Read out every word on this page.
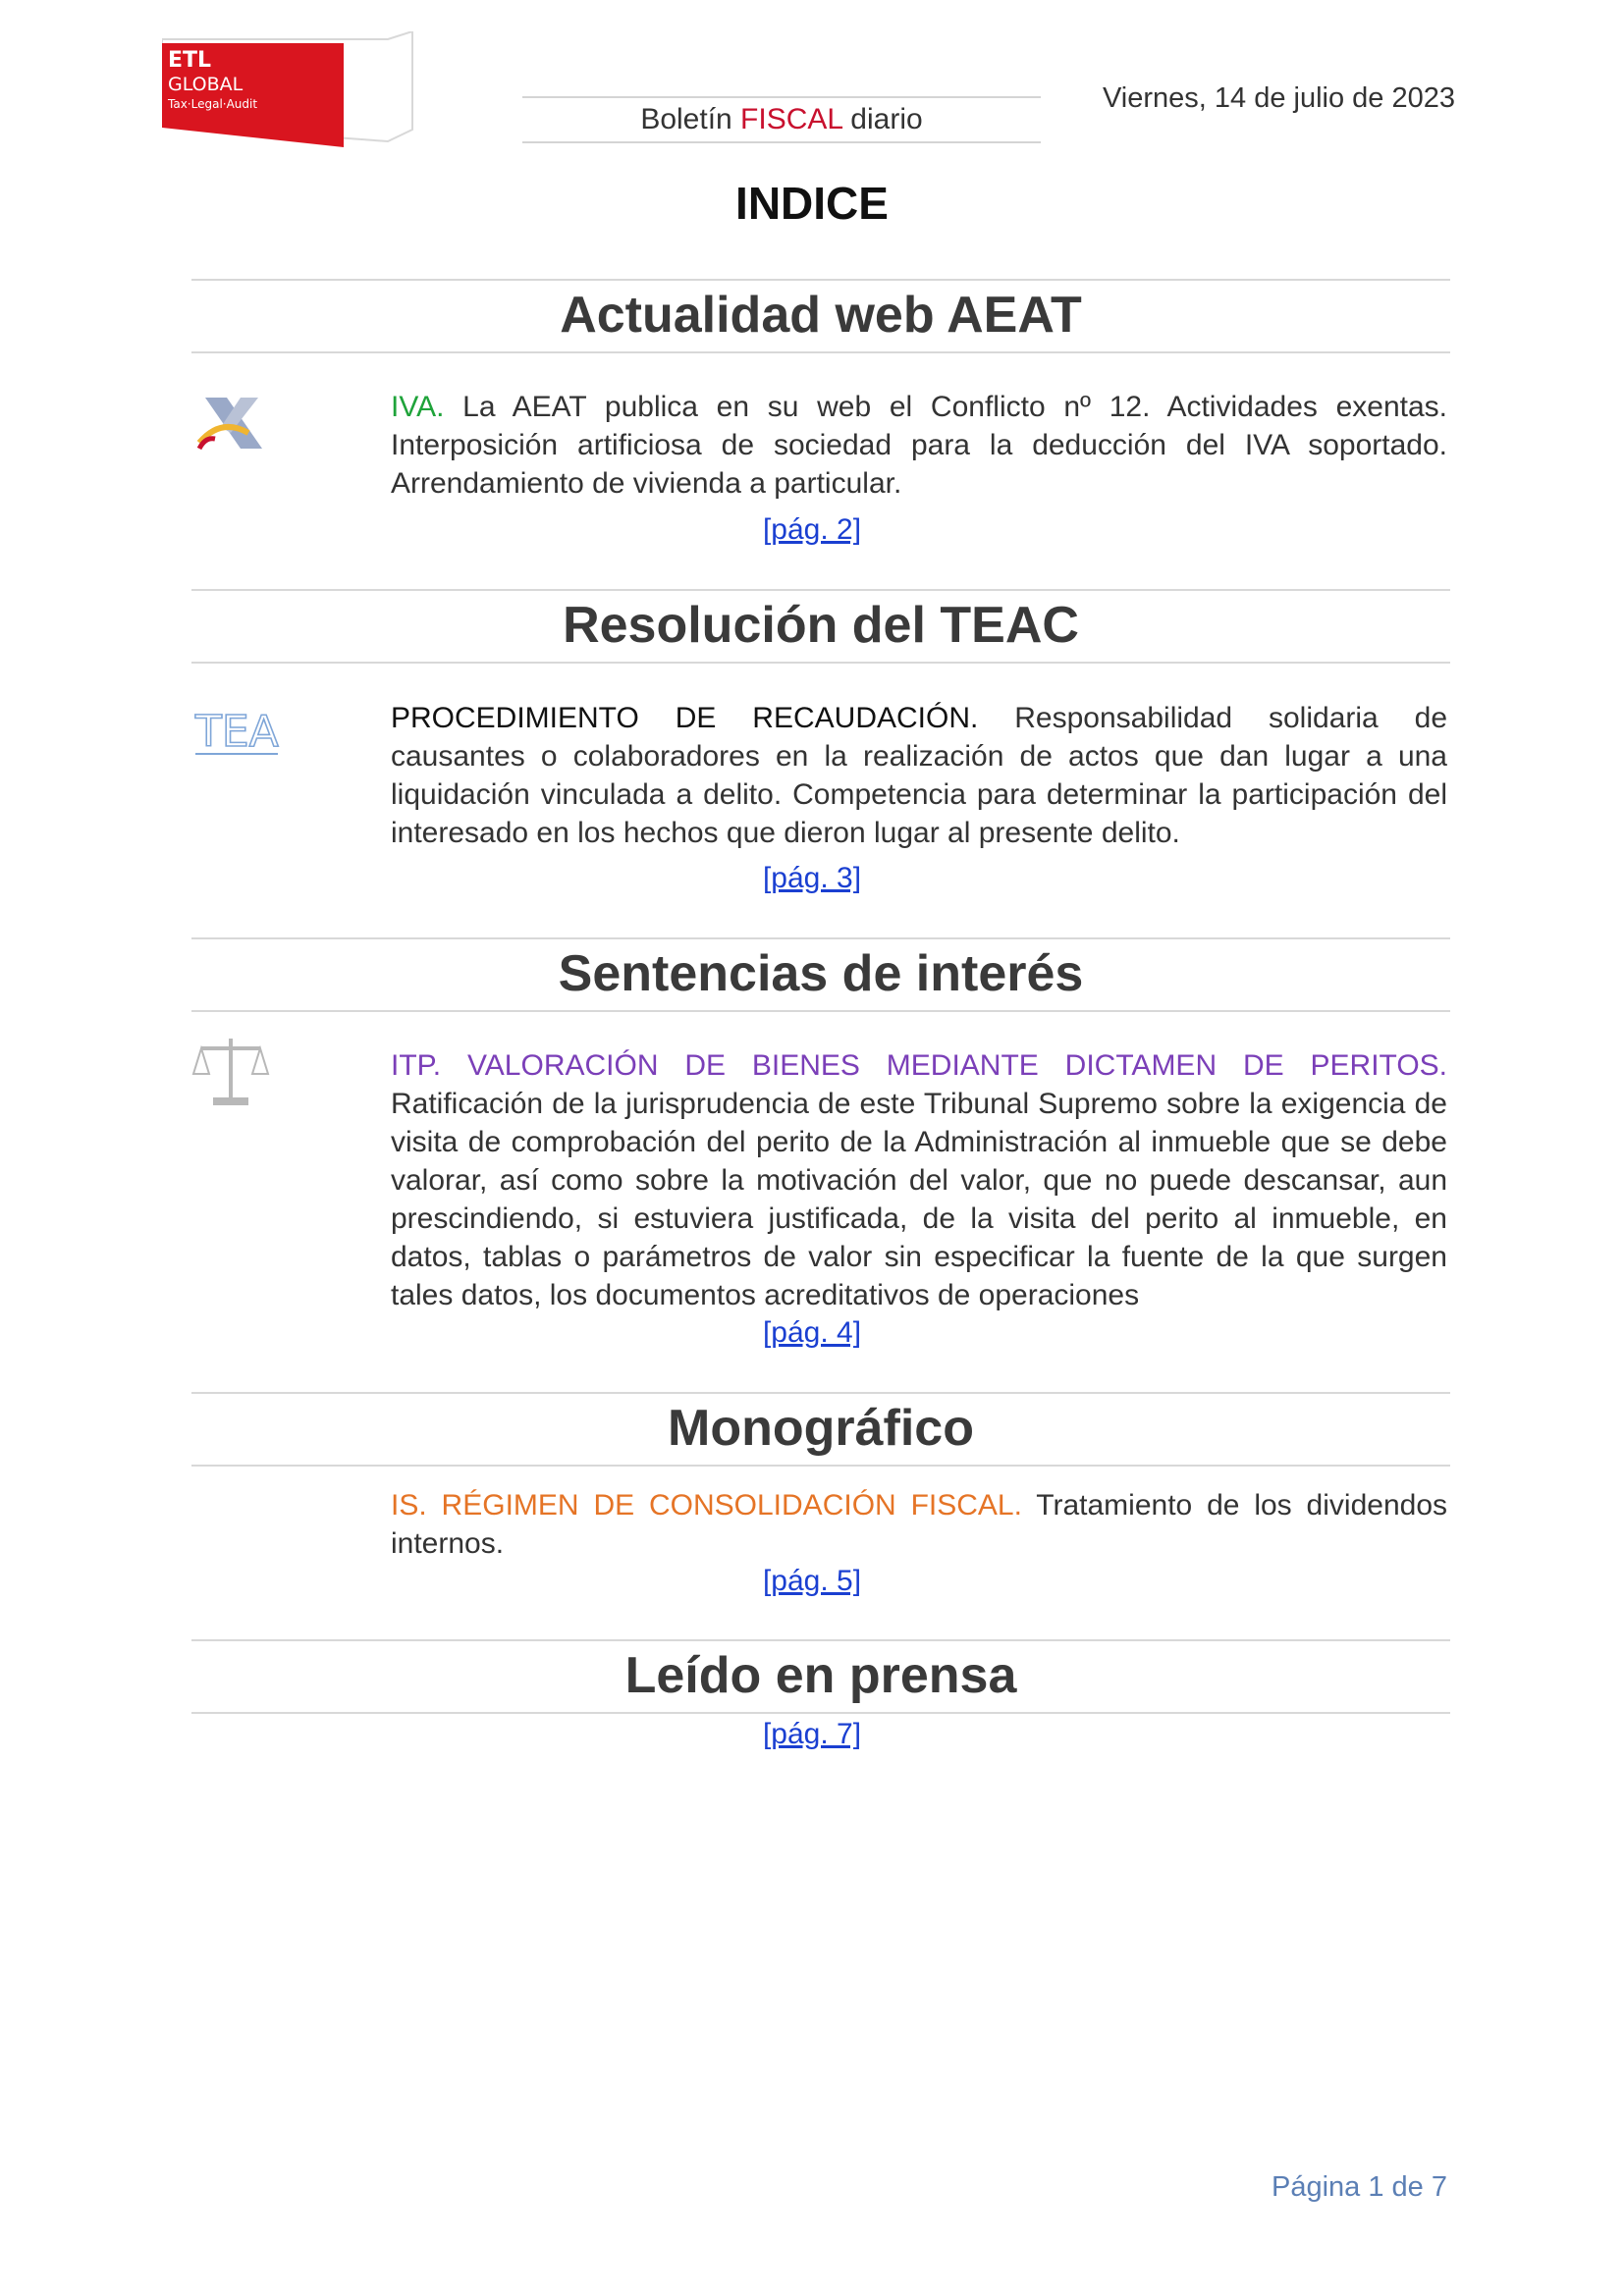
ETL
GLOBAL
Tax·Legal·Audit	Boletín FISCAL diario
Viernes, 14 de julio de 2023
INDICE
Actualidad web AEAT
IVA. La AEAT publica en su web el Conflicto nº 12. Actividades exentas. Interposición artificiosa de sociedad para la deducción del IVA soportado. Arrendamiento de vivienda a particular.
[pág. 2]
Resolución del TEAC
TEA	PROCEDIMIENTO DE RECAUDACIÓN. Responsabilidad solidaria de causantes o colaboradores en la realización de actos que dan lugar a una liquidación vinculada a delito. Competencia para determinar la participación del interesado en los hechos que dieron lugar al presente delito.
[pág. 3]
Sentencias de interés
ITP. VALORACIÓN DE BIENES MEDIANTE DICTAMEN DE PERITOS. Ratificación de la jurisprudencia de este Tribunal Supremo sobre la exigencia de visita de comprobación del perito de la Administración al inmueble que se debe valorar, así como sobre la motivación del valor, que no puede descansar, aun prescindiendo, si estuviera justificada, de la visita del perito al inmueble, en datos, tablas o parámetros de valor sin especificar la fuente de la que surgen tales datos, los documentos acreditativos de operaciones
[pág. 4]
Monográfico
IS. RÉGIMEN DE CONSOLIDACIÓN FISCAL. Tratamiento de los dividendos internos.
[pág. 5]
Leído en prensa
[pág. 7]
Página 1 de 7
